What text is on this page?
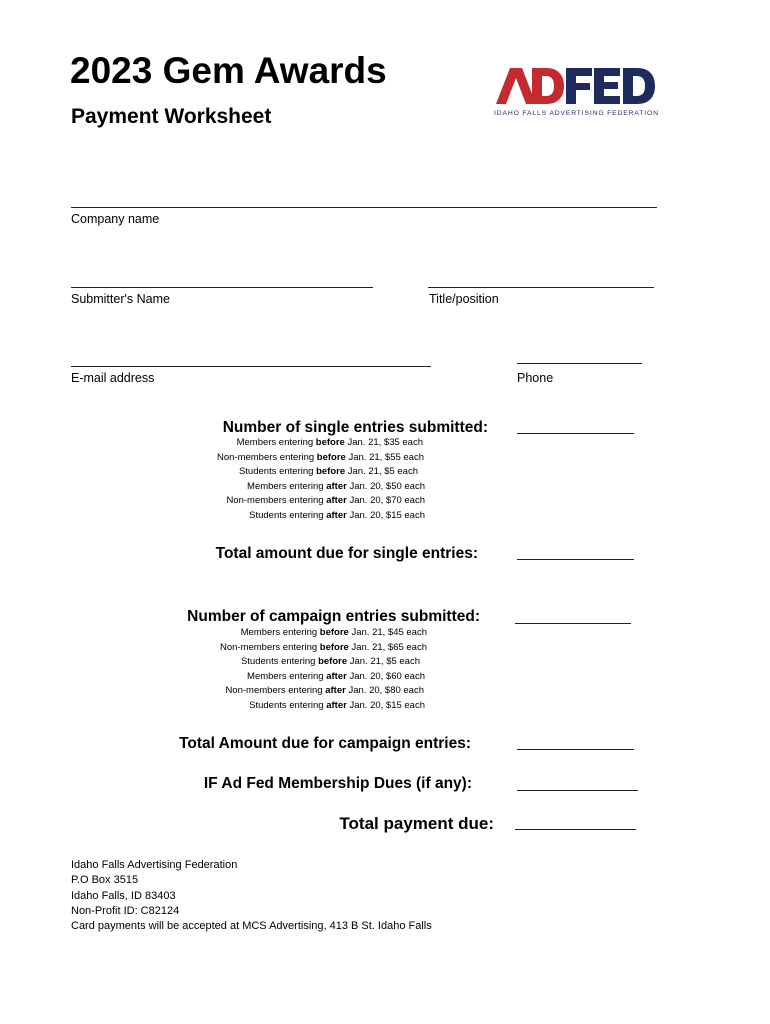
2023 Gem Awards
Payment Worksheet	IDAHO FALLS ADVERTISING FEDERATION
Company name
Submitter's Name	Title/position
E-mail address	Phone
Number of single entries submitted:
Members entering before Jan. 21, $35 each
Non-members entering before Jan. 21, $55 each
Students entering before Jan. 21, $5 each
Members entering after Jan. 20, $50 each
Non-members entering after Jan. 20, $70 each
Students entering after Jan. 20, $15 each
Total amount due for single entries:
Number of campaign entries submitted:
Members entering before Jan. 21, $45 each
Non-members entering before Jan. 21, $65 each
Students entering before Jan. 21, $5 each
Members entering after Jan. 20, $60 each
Non-members entering after Jan. 20, $80 each
Students entering after Jan. 20, $15 each
Total Amount due for campaign entries:
IF Ad Fed Membership Dues (if any):
Total payment due:
Idaho Falls Advertising Federation
P.O Box 3515
Idaho Falls, ID 83403
Non-Profit ID: C82124
Card payments will be accepted at MCS Advertising, 413 B St. Idaho Falls
